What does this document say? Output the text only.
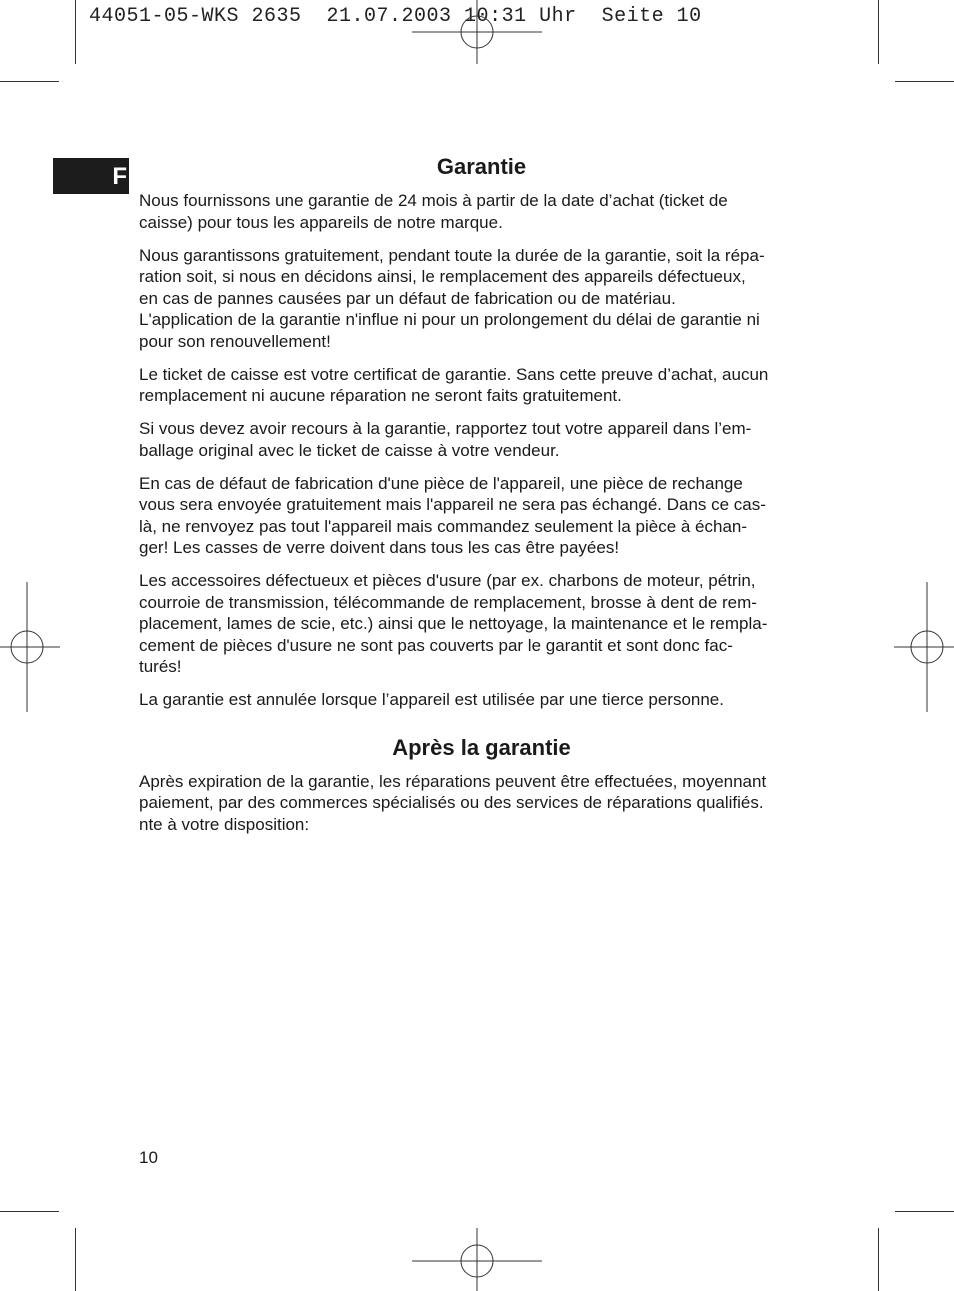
44051-05-WKS 2635  21.07.2003 10:31 Uhr  Seite 10
F	Garantie

Nous fournissons une garantie de 24 mois à partir de la date d’achat (ticket de
caisse) pour tous les appareils de notre marque.

Nous garantissons gratuitement, pendant toute la durée de la garantie, soit la répa-
ration soit, si nous en décidons ainsi, le remplacement des appareils défectueux,
en cas de pannes causées par un défaut de fabrication ou de matériau.
L'application de la garantie n'influe ni pour un prolongement du délai de garantie ni
pour son renouvellement!

Le ticket de caisse est votre certificat de garantie. Sans cette preuve d’achat, aucun
remplacement ni aucune réparation ne seront faits gratuitement.

Si vous devez avoir recours à la garantie, rapportez tout votre appareil dans l’em-
ballage original avec le ticket de caisse à votre vendeur.

En cas de défaut de fabrication d'une pièce de l'appareil, une pièce de rechange
vous sera envoyée gratuitement mais l'appareil ne sera pas échangé. Dans ce cas-
là, ne renvoyez pas tout l'appareil mais commandez seulement la pièce à échan-
ger! Les casses de verre doivent dans tous les cas être payées!

Les accessoires défectueux et pièces d'usure (par ex. charbons de moteur, pétrin,
courroie de transmission, télécommande de remplacement, brosse à dent de rem-
placement, lames de scie, etc.) ainsi que le nettoyage, la maintenance et le rempla-
cement de pièces d'usure ne sont pas couverts par le garantit et sont donc fac-
turés!

La garantie est annulée lorsque l’appareil est utilisée par une tierce personne.

Après la garantie

Après expiration de la garantie, les réparations peuvent être effectuées, moyennant
paiement, par des commerces spécialisés ou des services de réparations qualifiés.
nte à votre disposition:

10
